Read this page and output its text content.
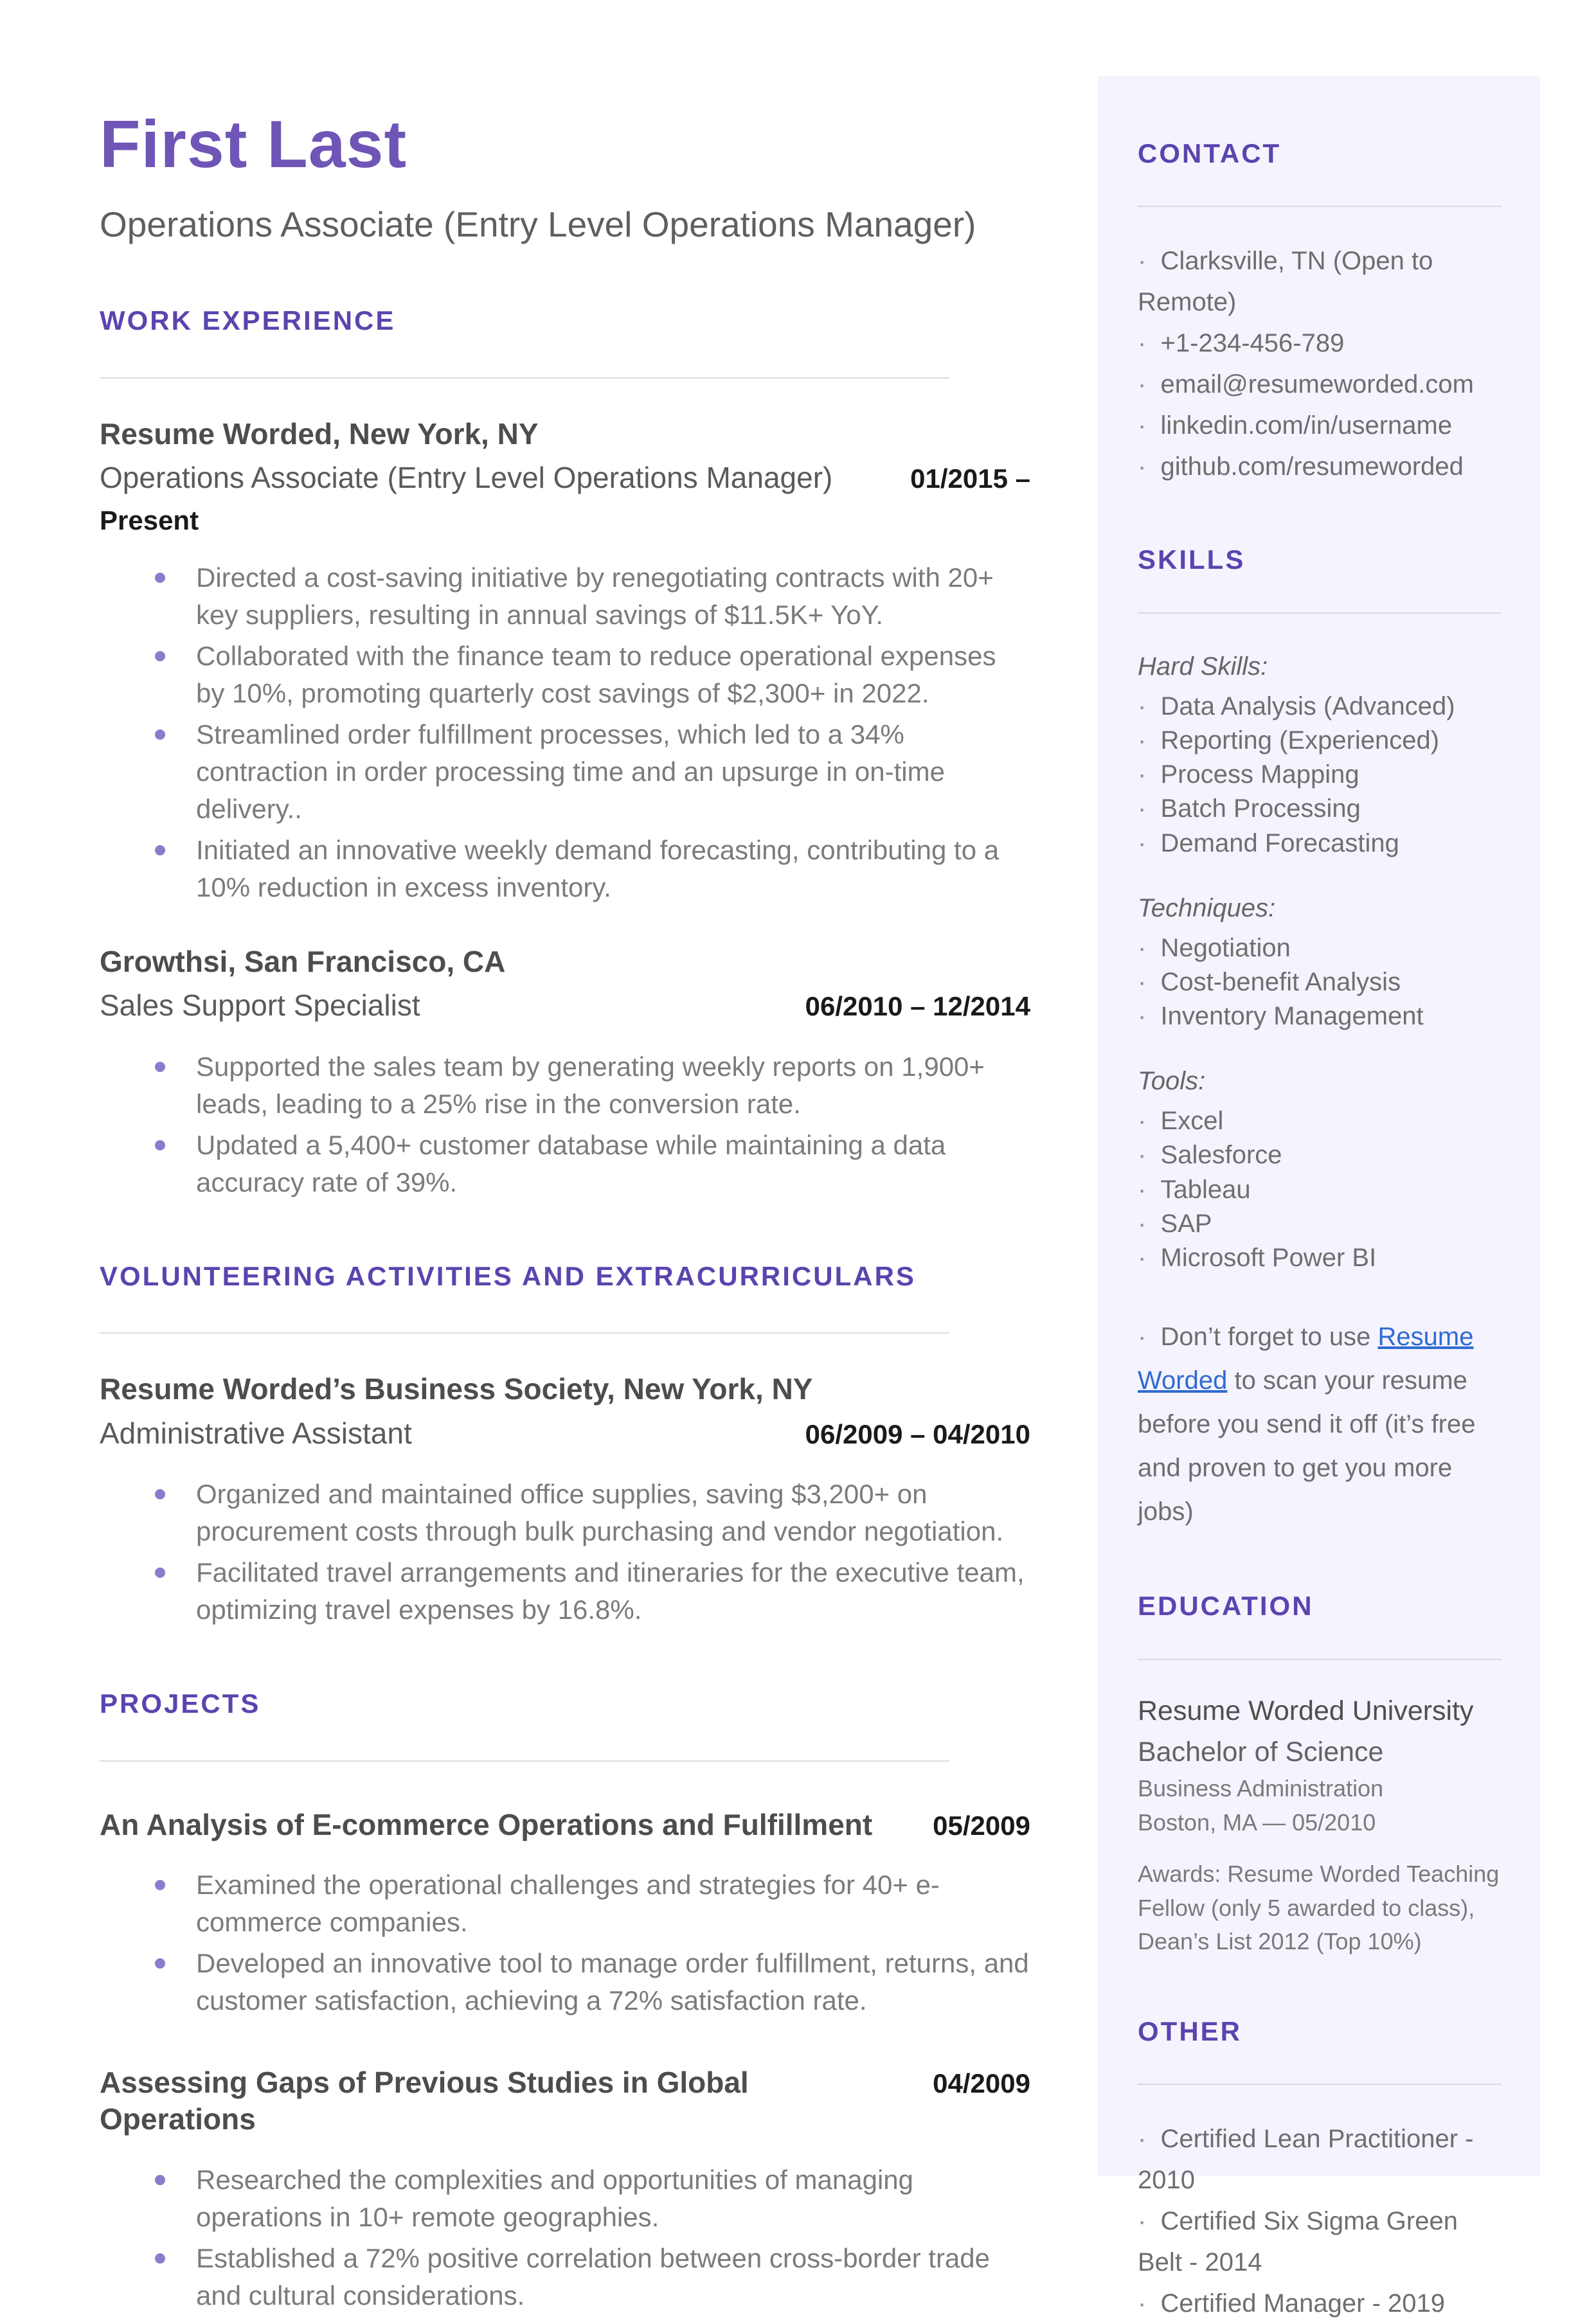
First Last
Operations Associate (Entry Level Operations Manager)
WORK EXPERIENCE
Resume Worded, New York, NY
Operations Associate (Entry Level Operations Manager)	01/2015 –
Present
Directed a cost-saving initiative by renegotiating contracts with 20+ key suppliers, resulting in annual savings of $11.5K+ YoY.
Collaborated with the finance team to reduce operational expenses by 10%, promoting quarterly cost savings of $2,300+ in 2022.
Streamlined order fulfillment processes, which led to a 34% contraction in order processing time and an upsurge in on-time delivery..
Initiated an innovative weekly demand forecasting, contributing to a 10% reduction in excess inventory.
Growthsi, San Francisco, CA
Sales Support Specialist	06/2010 – 12/2014
Supported the sales team by generating weekly reports on 1,900+ leads, leading to a 25% rise in the conversion rate.
Updated a 5,400+ customer database while maintaining a data accuracy rate of 39%.
VOLUNTEERING ACTIVITIES AND EXTRACURRICULARS
Resume Worded’s Business Society, New York, NY
Administrative Assistant	06/2009 – 04/2010
Organized and maintained office supplies, saving $3,200+ on procurement costs through bulk purchasing and vendor negotiation.
Facilitated travel arrangements and itineraries for the executive team, optimizing travel expenses by 16.8%.
PROJECTS
An Analysis of E-commerce Operations and Fulfillment	05/2009
Examined the operational challenges and strategies for 40+ e-commerce companies.
Developed an innovative tool to manage order fulfillment, returns, and customer satisfaction, achieving a 72% satisfaction rate.
Assessing Gaps of Previous Studies in Global Operations
04/2009
Researched the complexities and opportunities of managing operations in 10+ remote geographies.
Established a 72% positive correlation between cross-border trade and cultural considerations.
CONTACT
·  Clarksville, TN (Open to Remote)
·  +1-234-456-789
·  email@resumeworded.com
·  linkedin.com/in/username
·  github.com/resumeworded
SKILLS
Hard Skills:
·  Data Analysis (Advanced)
·  Reporting (Experienced)
·  Process Mapping
·  Batch Processing
·  Demand Forecasting
Techniques:
·  Negotiation
·  Cost-benefit Analysis
·  Inventory Management
Tools:
·  Excel
·  Salesforce
·  Tableau
·  SAP
·  Microsoft Power BI
·  Don’t forget to use Resume Worded to scan your resume before you send it off (it’s free and proven to get you more jobs)
EDUCATION
Resume Worded University
Bachelor of Science
Business Administration
Boston, MA — 05/2010
Awards: Resume Worded Teaching Fellow (only 5 awarded to class), Dean’s List 2012 (Top 10%)
OTHER
·  Certified Lean Practitioner - 2010
·  Certified Six Sigma Green Belt - 2014
·  Certified Manager - 2019
